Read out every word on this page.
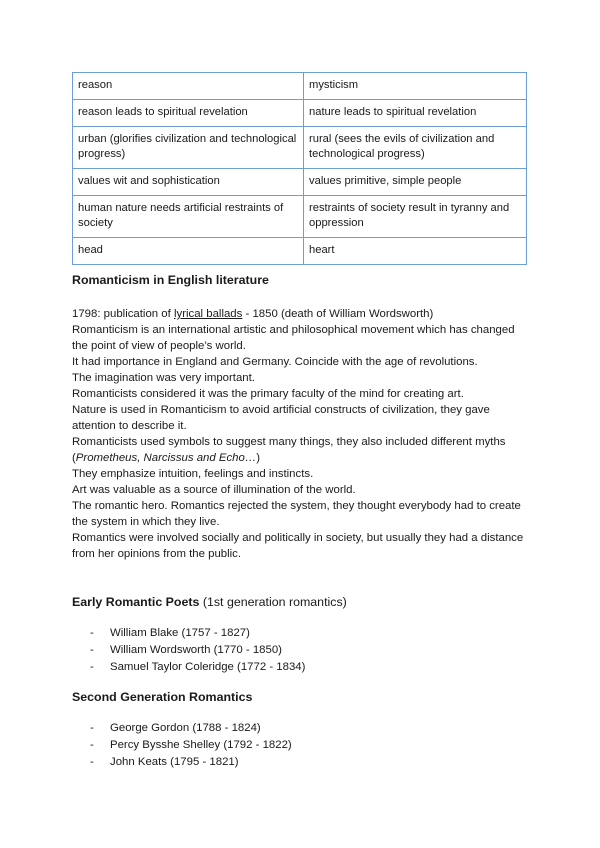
reason	mysticism
reason leads to spiritual revelation	nature leads to spiritual revelation
urban (glorifies civilization and technological progress)	rural (sees the evils of civilization and technological progress)
values wit and sophistication	values primitive, simple people
human nature needs artificial restraints of society	restraints of society result in tyranny and oppression
head	heart
Romanticism in English literature

1798: publication of lyrical ballads - 1850 (death of William Wordsworth)

Romanticism is an international artistic and philosophical movement which has changed the point of view of people’s world.

It had importance in England and Germany. Coincide with the age of revolutions.

The imagination was very important.

Romanticists considered it was the primary faculty of the mind for creating art.

Nature is used in Romanticism to avoid artificial constructs of civilization, they gave attention to describe it.

Romanticists used symbols to suggest many things, they also included different myths (Prometheus, Narcissus and Echo…)

They emphasize intuition, feelings and instincts.

Art was valuable as a source of illumination of the world.

The romantic hero. Romantics rejected the system, they thought everybody had to create the system in which they live.

Romantics were involved socially and politically in society, but usually they had a distance from her opinions from the public.

Early Romantic Poets (1st generation romantics)
- William Blake (1757 - 1827)
- William Wordsworth (1770 - 1850)
- Samuel Taylor Coleridge (1772 - 1834)
Second Generation Romantics
- George Gordon (1788 - 1824)
- Percy Bysshe Shelley (1792 - 1822)
- John Keats (1795 - 1821)
